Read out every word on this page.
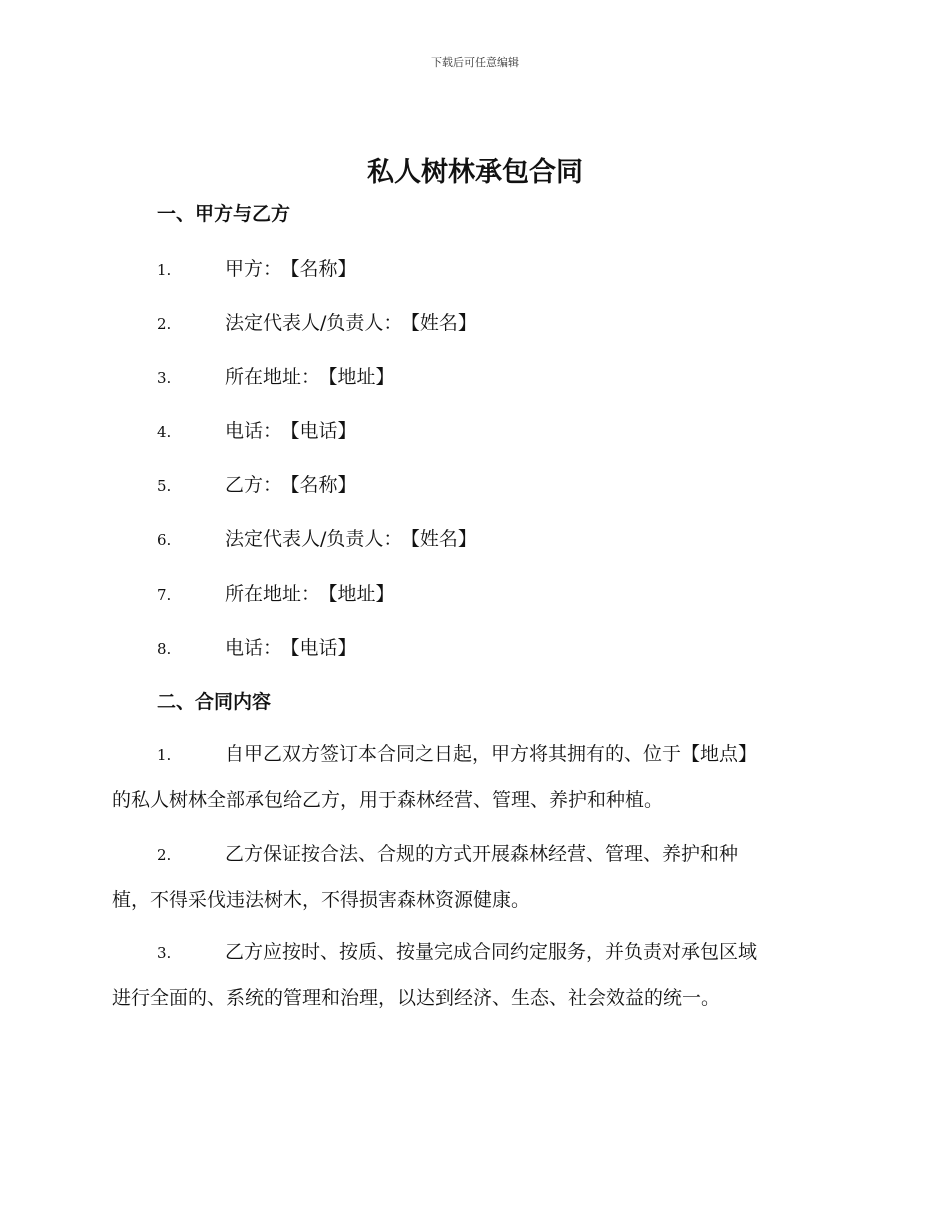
下载后可任意编辑
私人树林承包合同
一、甲方与乙方
1.	甲方： 【名称】
2.	法定代表人/负责人： 【姓名】
3.	所在地址： 【地址】
4.	电话： 【电话】
5.	乙方： 【名称】
6.	法定代表人/负责人： 【姓名】
7.	所在地址： 【地址】
8.	电话： 【电话】
二、合同内容
1.	自甲乙双方签订本合同之日起，甲方将其拥有的、位于【地点】
的私人树林全部承包给乙方，用于森林经营、管理、养护和种植。
2.	乙方保证按合法、合规的方式开展森林经营、管理、养护和种
植，不得采伐违法树木，不得损害森林资源健康。
3.	乙方应按时、按质、按量完成合同约定服务，并负责对承包区域
进行全面的、系统的管理和治理，以达到经济、生态、社会效益的统一。
